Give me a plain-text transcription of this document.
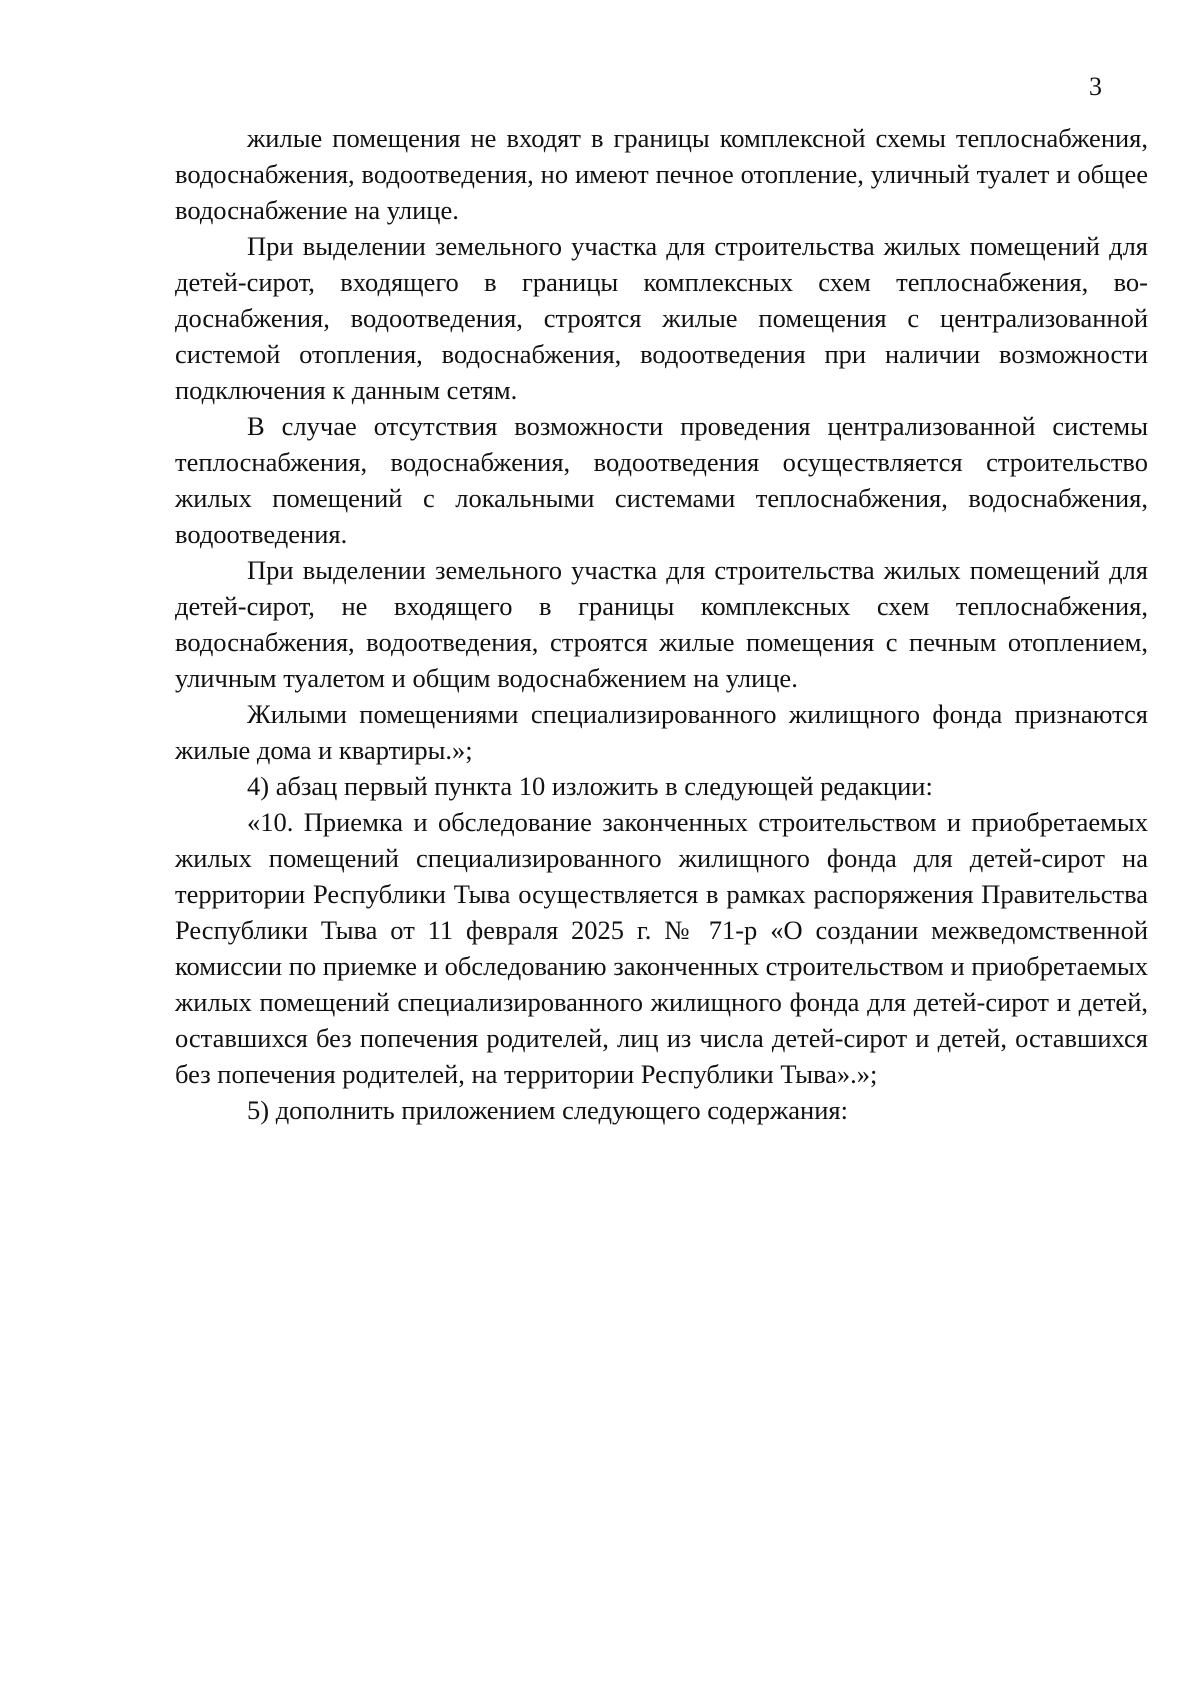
3

жилые помещения не входят в границы комплексной схемы теплоснабжения, водоснабжения, водоотведения, но имеют печное отопление, уличный туалет и общее водоснабжение на улице.

При выделении земельного участка для строительства жилых помещений для детей-сирот, входящего в границы комплексных схем теплоснабжения, водоснабжения, водоотведения, строятся жилые помещения с централизованной системой отопления, водоснабжения, водоотведения при наличии возможности подключения к данным сетям.

В случае отсутствия возможности проведения централизованной системы теплоснабжения, водоснабжения, водоотведения осуществляется строительство жилых помещений с локальными системами теплоснабжения, водоснабжения, водоотведения.

При выделении земельного участка для строительства жилых помещений для детей-сирот, не входящего в границы комплексных схем теплоснабжения, водоснабжения, водоотведения, строятся жилые помещения с печным отоплением, уличным туалетом и общим водоснабжением на улице.

Жилыми помещениями специализированного жилищного фонда признаются жилые дома и квартиры.»;

4) абзац первый пункта 10 изложить в следующей редакции:

«10. Приемка и обследование законченных строительством и приобретаемых жилых помещений специализированного жилищного фонда для детей-сирот на территории Республики Тыва осуществляется в рамках распоряжения Правительства Республики Тыва от 11 февраля 2025 г. № 71-р «О создании межведомственной комиссии по приемке и обследованию законченных строительством и приобретаемых жилых помещений специализированного жилищного фонда для детей-сирот и детей, оставшихся без попечения родителей, лиц из числа детей-сирот и детей, оставшихся без попечения родителей, на территории Республики Тыва».»;

5) дополнить приложением следующего содержания:
